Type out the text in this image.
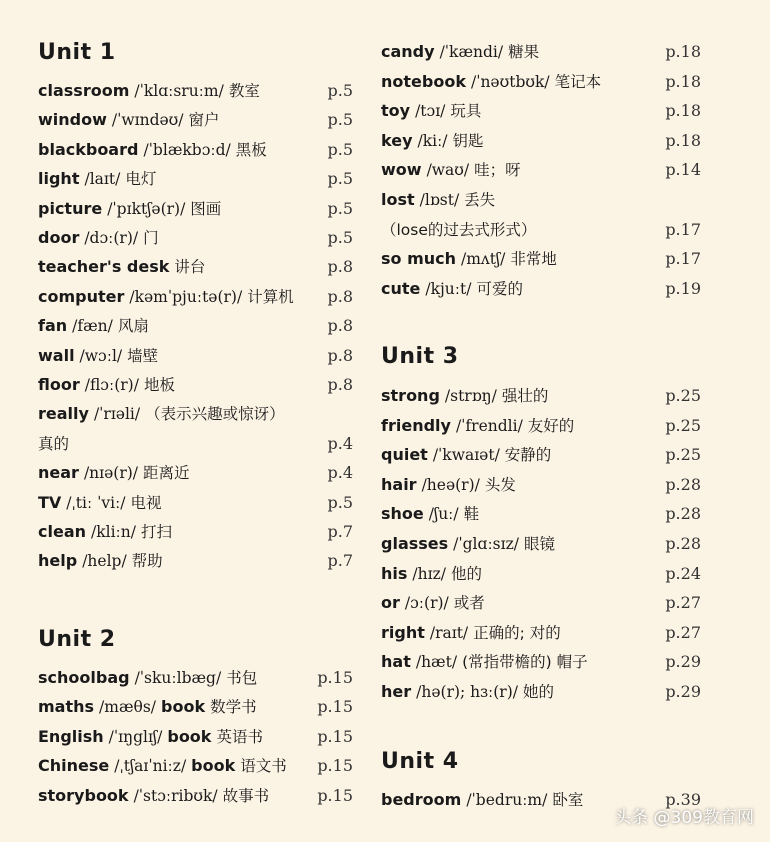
Unit 1
classroom /ˈklɑːsruːm/ 教室	p.5
window /ˈwɪndəʊ/ 窗户	p.5
blackboard /ˈblækbɔːd/ 黑板	p.5
light /laɪt/ 电灯	p.5
picture /ˈpɪktʃə(r)/ 图画	p.5
door /dɔː(r)/ 门	p.5
teacher's desk 讲台	p.8
computer /kəmˈpjuːtə(r)/ 计算机 p.8
fan /fæn/ 风扇	p.8
wall /wɔːl/ 墙壁	p.8
floor /flɔː(r)/ 地板	p.8
really /ˈrɪəli/ （表示兴趣或惊讶）
真的	p.4
near /nɪə(r)/ 距离近	p.4
TV /ˌtiː ˈviː/ 电视	p.5
clean /kliːn/ 打扫	p.7
help /help/ 帮助	p.7
Unit 2
schoolbag /ˈskuːlbæg/ 书包	p.15
maths /mæθs/ book 数学书	p.15
English /ˈɪŋglɪʃ/ book 英语书	p.15
Chinese /ˌtʃaɪˈniːz/ book 语文书 p.15
storybook /ˈstɔːribʊk/ 故事书	p.15
candy /ˈkændi/ 糖果	p.18
notebook /ˈnəʊtbʊk/ 笔记本	p.18
toy /tɔɪ/ 玩具	p.18
key /kiː/ 钥匙	p.18
wow /waʊ/ 哇；呀	p.14
lost /lɒst/ 丢失
（lose的过去式形式）	p.17
so much /mʌtʃ/ 非常地	p.17
cute /kjuːt/ 可爱的	p.19
Unit 3
strong /strɒŋ/ 强壮的	p.25
friendly /ˈfrendli/ 友好的	p.25
quiet /ˈkwaɪət/ 安静的	p.25
hair /heə(r)/ 头发	p.28
shoe /ʃuː/ 鞋	p.28
glasses /ˈglɑːsɪz/ 眼镜	p.28
his /hɪz/ 他的	p.24
or /ɔː(r)/ 或者	p.27
right /raɪt/ 正确的; 对的	p.27
hat /hæt/ (常指带檐的) 帽子	p.29
her /hə(r); hɜː(r)/ 她的	p.29
Unit 4
bedroom /ˈbedruːm/ 卧室	p.39
头条 @309教育网
